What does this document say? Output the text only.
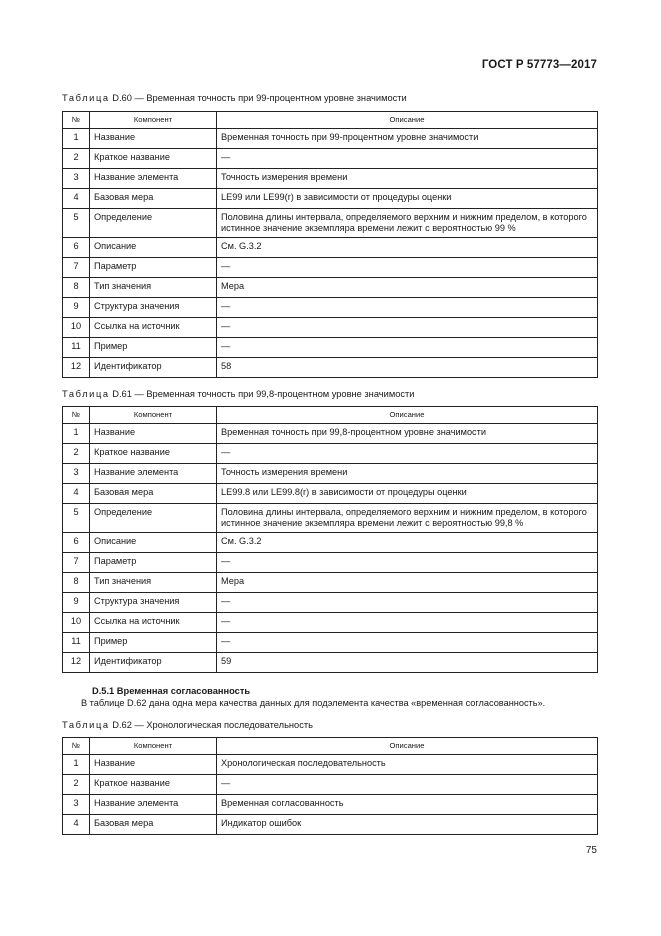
ГОСТ Р 57773—2017
Таблица D.60 — Временная точность при 99-процентном уровне значимости
№	Компонент	Описание
1	Название	Временная точность при 99-процентном уровне значимости
2	Краткое название	—
3	Название элемента	Точность измерения времени
4	Базовая мера	LE99 или LE99(r) в зависимости от процедуры оценки
5	Определение	Половина длины интервала, определяемого верхним и нижним пределом, в которого истинное значение экземпляра времени лежит с вероятностью 99 %
6	Описание	См. G.3.2
7	Параметр	—
8	Тип значения	Мера
9	Структура значения	—
10	Ссылка на источник	—
11	Пример	—
12	Идентификатор	58
Таблица D.61 — Временная точность при 99,8-процентном уровне значимости
№	Компонент	Описание
1	Название	Временная точность при 99,8-процентном уровне значимости
2	Краткое название	—
3	Название элемента	Точность измерения времени
4	Базовая мера	LE99.8 или LE99.8(r) в зависимости от процедуры оценки
5	Определение	Половина длины интервала, определяемого верхним и нижним пределом, в которого истинное значение экземпляра времени лежит с вероятностью 99,8 %
6	Описание	См. G.3.2
7	Параметр	—
8	Тип значения	Мера
9	Структура значения	—
10	Ссылка на источник	—
11	Пример	—
12	Идентификатор	59
D.5.1 Временная согласованность
В таблице D.62 дана одна мера качества данных для подэлемента качества «временная согласованность».
Таблица D.62 — Хронологическая последовательность
№	Компонент	Описание
1	Название	Хронологическая последовательность
2	Краткое название	—
3	Название элемента	Временная согласованность
4	Базовая мера	Индикатор ошибок
75
